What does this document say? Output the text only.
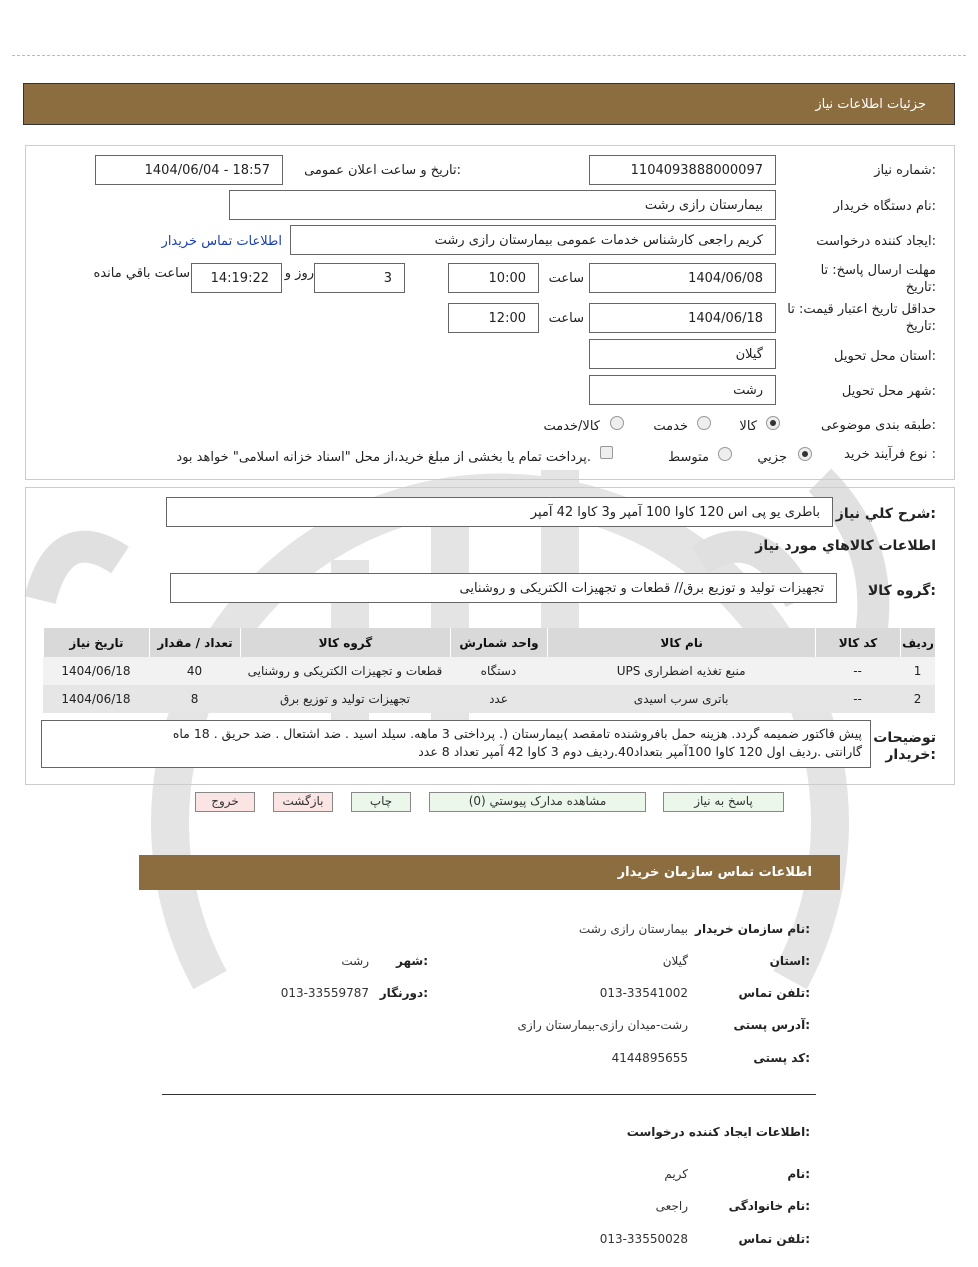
جزئیات اطلاعات نیاز
شماره نیاز:
1104093888000097
تاریخ و ساعت اعلان عمومی:
1404/06/04 - 18:57
نام دستگاه خریدار:
بیمارستان رازی رشت
ایجاد کننده درخواست:
کریم راجعی کارشناس خدمات عمومی بیمارستان رازی رشت
اطلاعات تماس خریدار
مهلت ارسال پاسخ: تا تاریخ:
1404/06/08
ساعت
10:00
3
روز و
14:19:22
ساعت باقي مانده
حداقل تاریخ اعتبار قیمت: تا تاریخ:
1404/06/18
ساعت
12:00
استان محل تحویل:
گیلان
شهر محل تحویل:
رشت
طبقه بندی موضوعی:
کالا
خدمت
کالا/خدمت
نوع فرآیند خرید :
جزیي
متوسط
پرداخت تمام یا بخشی از مبلغ خرید،از محل "اسناد خزانه اسلامی" خواهد بود.
شرح کلي نياز:
باطری یو پی اس 120 کاوا 100 آمپر و3 کاوا 42 آمپر
اطلاعات کالاهاي مورد نياز
گروه کالا:
تجهیزات تولید و توزیع برق// قطعات و تجهیزات الکتریکی و روشنایی
ردیف	کد کالا	نام کالا	واحد شمارش	گروه کالا	تعداد / مقدار	تاریخ نیاز
1	--	منبع تغذیه اضطراری UPS	دستگاه	قطعات و تجهیزات الکتریکی و روشنایی	40	1404/06/18
2	--	باتری سرب اسیدی	عدد	تجهیزات تولید و توزیع برق	8	1404/06/18
توضیحات خریدار:
پیش فاکتور ضمیمه گردد. هزینه حمل بافروشنده تامقصد )بیمارستان (. پرداختی 3 ماهه. سیلد اسید . ضد اشتعال . ضد حریق . 18 ماه
گارانتی .ردیف اول 120 کاوا 100آمپر بتعداد40.ردیف دوم 3 کاوا 42 آمپر تعداد 8 عدد
پاسخ به نیاز
مشاهده مدارک پیوستي (0)
چاپ
بازگشت
خروج
اطلاعات تماس سازمان خریدار
نام سازمان خریدار:
بیمارستان رازی رشت
استان:
گیلان
شهر:
رشت
تلفن تماس:
013-33541002
دورنگار:
013-33559787
آدرس پستی:
رشت-میدان رازی-بیمارستان رازی
کد پستی:
4144895655
اطلاعات ایجاد کننده درخواست:
نام:
کریم
نام خانوادگی:
راجعی
تلفن تماس:
013-33550028
